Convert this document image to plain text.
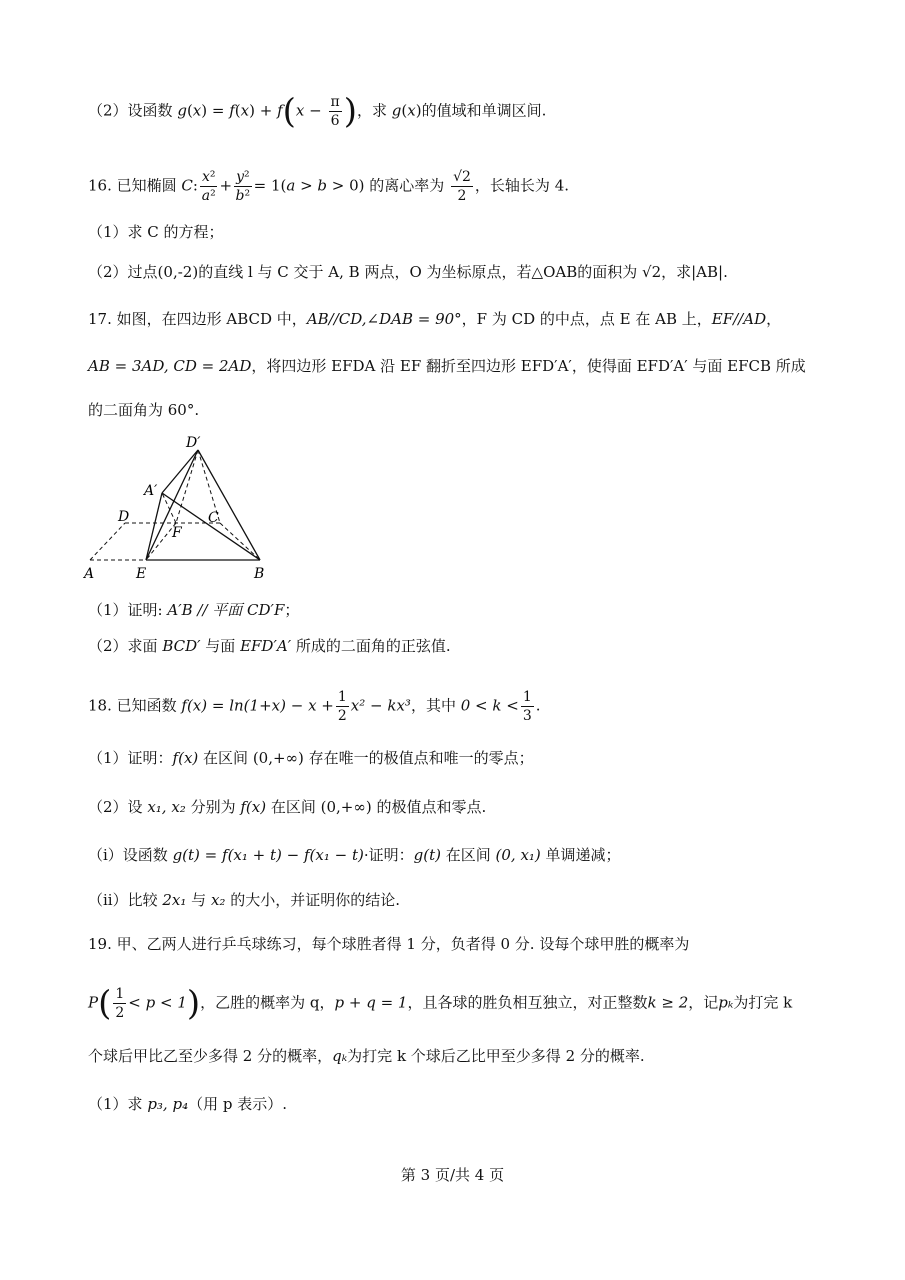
（2）设函数 $g(x) = f(x) + f(x - \frac{\pi}{6}$ )，求 g(x)的值域和单调区间.
16. 已知椭圆 C: $\frac{\text{x²}}{\text{a²}} + \frac{\text{y²}}{\text{b²}} = 1(a > b > 0)$ 的离心率为 $\frac{√2}{2}$ ，长轴长为 4.
（1）求 C 的方程；
（2）过点(0,-2)的直线 l 与 C 交于 A, B 两点，O 为坐标原点，若△OAB的面积为 √2，求|AB|.
17. 如图，在四边形 ABCD 中，AB//CD,∠DAB = 90°，F 为 CD 的中点，点 E 在 AB 上，EF//AD，
AB = 3AD, CD = 2AD，将四边形 EFDA 沿 EF 翻折至四边形 EFD′A′，使得面 EFD′A′ 与面 EFCB 所成
的二面角为 60°.
D′
A′
D	C
F
A	E	B
（1）证明: A′B // 平面 CD′F；
（2）求面 BCD′ 与面 EFD′A′ 所成的二面角的正弦值.
18. 已知函数 $f(x) = \ln(1+x) - x + \frac{1}{2} x^2 - kx^3$，其中 $0 < k < \frac{1}{3}$ .
（1）证明：f(x) 在区间 (0,+∞) 存在唯一的极值点和唯一的零点；
（2）设 x₁, x₂ 分别为 f(x) 在区间 (0,+∞) 的极值点和零点.
（i）设函数 g(t) = f(x₁ + t) − f(x₁ − t)·证明：g(t) 在区间 (0, x₁) 单调递减；
（ii）比较 2x₁ 与 x₂ 的大小，并证明你的结论.
19. 甲、乙两人进行乒乓球练习，每个球胜者得 1 分，负者得 0 分. 设每个球甲胜的概率为
$P( \frac{1}{2} < p < 1)$，乙胜的概率为 q，p + q = 1，且各球的胜负相互独立，对正整数k ≥ 2，记pₖ为打完 k
个球后甲比乙至少多得 2 分的概率，qₖ为打完 k 个球后乙比甲至少多得 2 分的概率.
（1）求 p₃, p₄（用 p 表示）.
第 3 页/共 4 页
